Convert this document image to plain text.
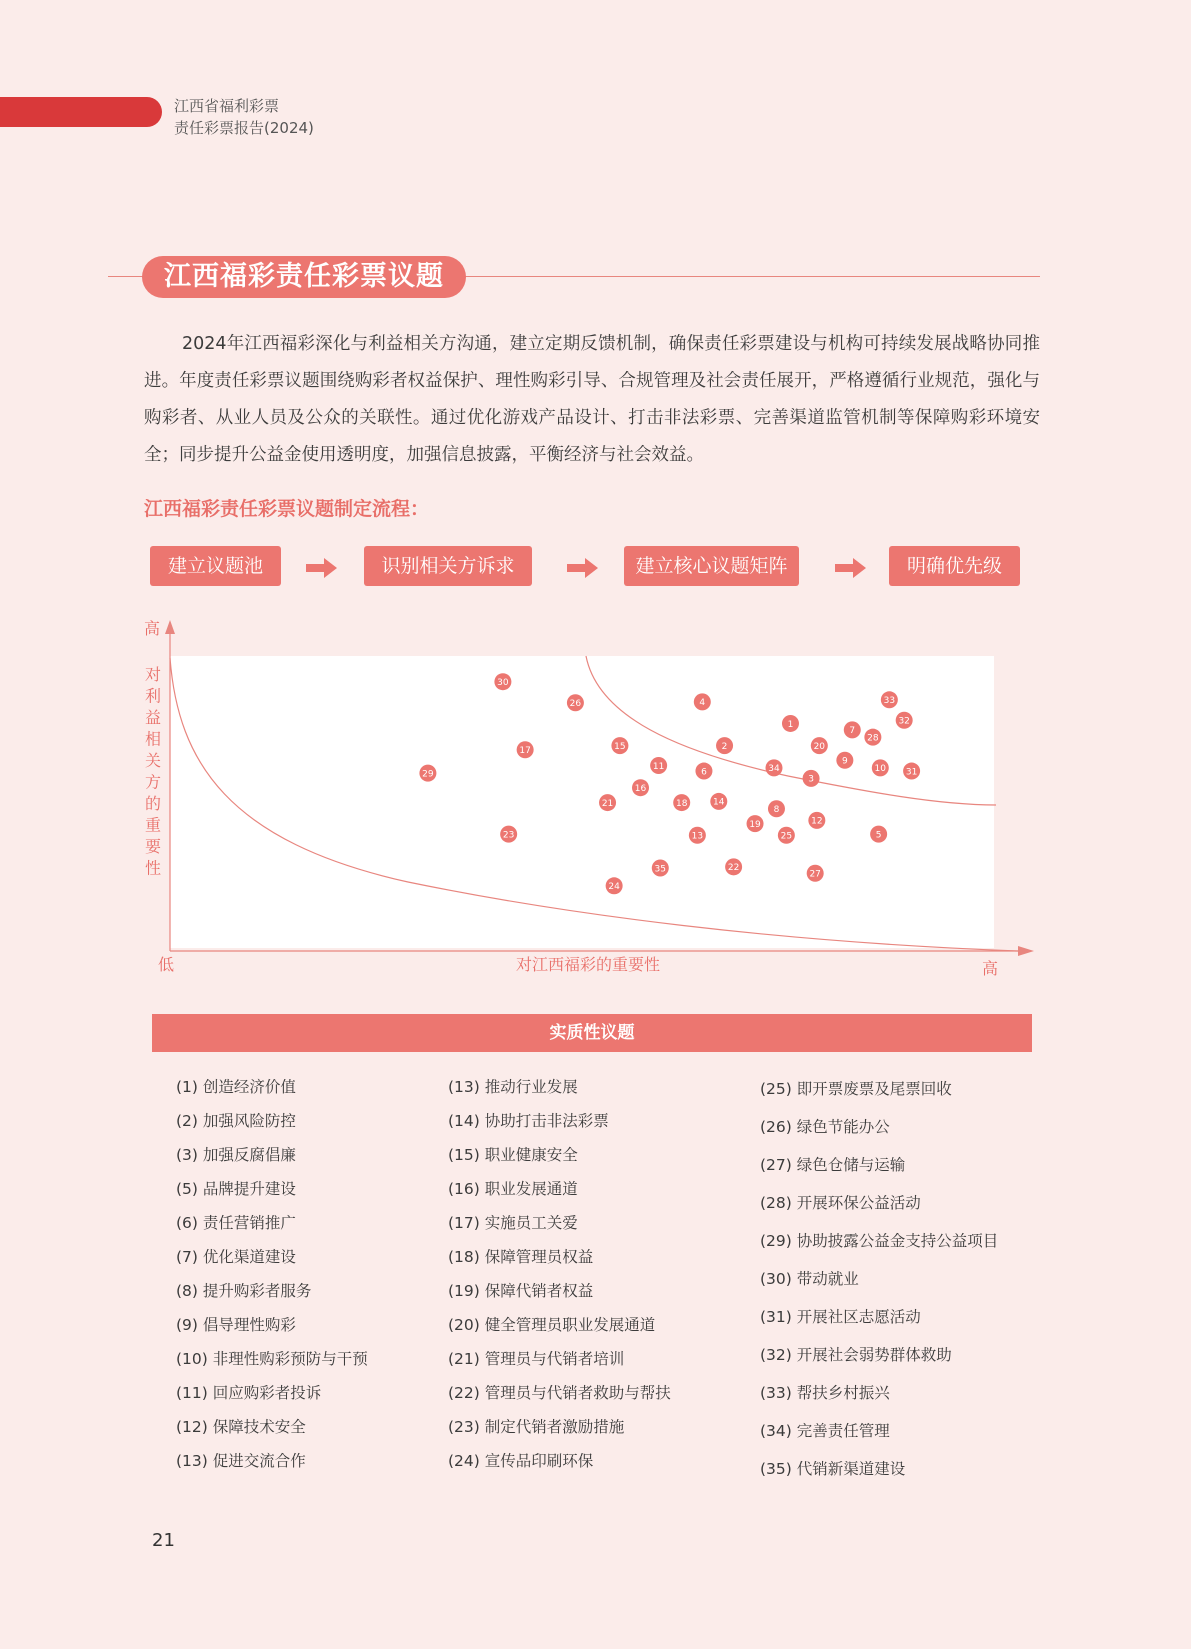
江西省福利彩票
责任彩票报告(2024)
江西福彩责任彩票议题
2024年江西福彩深化与利益相关方沟通，建立定期反馈机制，确保责任彩票建设与机构可持续发展战略协同推进。年度责任彩票议题围绕购彩者权益保护、理性购彩引导、合规管理及社会责任展开，严格遵循行业规范，强化与购彩者、从业人员及公众的关联性。通过优化游戏产品设计、打击非法彩票、完善渠道监管机制等保障购彩环境安全；同步提升公益金使用透明度，加强信息披露，平衡经济与社会效益。
江西福彩责任彩票议题制定流程：
建立议题池	识别相关方诉求	建立核心议题矩阵	明确优先级
高
低	高
对江西福彩的重要性
对利益相关方的重要性
30
26	4	33
32
1
7
28
17	15	2	20
9
29
11
6	34	10 31
3
16
21	18	14
8
19	12
23	13	25	5
35	22
27
24
实质性议题
(1) 创造经济价值
(2) 加强风险防控
(3) 加强反腐倡廉
(5) 品牌提升建设
(6) 责任营销推广
(7) 优化渠道建设
(8) 提升购彩者服务
(9) 倡导理性购彩
(10) 非理性购彩预防与干预
(11) 回应购彩者投诉
(12) 保障技术安全
(13) 促进交流合作
(13) 推动行业发展
(14) 协助打击非法彩票
(15) 职业健康安全
(16) 职业发展通道
(17) 实施员工关爱
(18) 保障管理员权益
(19) 保障代销者权益
(20) 健全管理员职业发展通道
(21) 管理员与代销者培训
(22) 管理员与代销者救助与帮扶
(23) 制定代销者激励措施
(24) 宣传品印刷环保
(25) 即开票废票及尾票回收
(26) 绿色节能办公
(27) 绿色仓储与运输
(28) 开展环保公益活动
(29) 协助披露公益金支持公益项目
(30) 带动就业
(31) 开展社区志愿活动
(32) 开展社会弱势群体救助
(33) 帮扶乡村振兴
(34) 完善责任管理
(35) 代销新渠道建设
21
